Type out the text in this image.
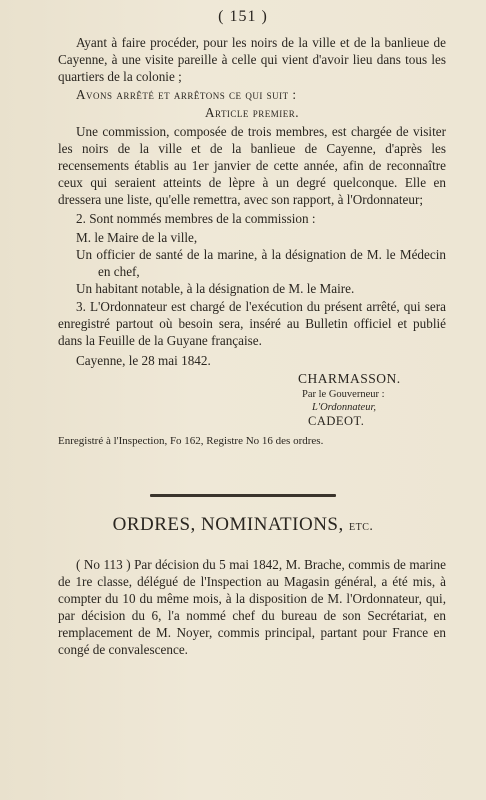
( 151 )

Ayant à faire procéder, pour les noirs de la ville et de la banlieue de Cayenne, à une visite pareille à celle qui vient d'avoir lieu dans tous les quartiers de la colonie ;

Avons arrêté et arrêtons ce qui suit :

Article premier.

Une commission, composée de trois membres, est chargée de visiter les noirs de la ville et de la banlieue de Cayenne, d'après les recensements établis au 1er janvier de cette année, afin de reconnaître ceux qui seraient atteints de lèpre à un degré quelconque. Elle en dressera une liste, qu'elle remettra, avec son rapport, à l'Ordonnateur;

2. Sont nommés membres de la commission :

M. le Maire de la ville,

Un officier de santé de la marine, à la désignation de M. le Médecin en chef,

Un habitant notable, à la désignation de M. le Maire.

3. L'Ordonnateur est chargé de l'exécution du présent arrêté, qui sera enregistré partout où besoin sera, inséré au Bulletin officiel et publié dans la Feuille de la Guyane française.

Cayenne, le 28 mai 1842.

CHARMASSON.
Par le Gouverneur :
L'Ordonnateur,
CADEOT.

Enregistré à l'Inspection, Fo 162, Registre No 16 des ordres.

ORDRES, NOMINATIONS, etc.

( No 113 ) Par décision du 5 mai 1842, M. Brache, commis de marine de 1re classe, délégué de l'Inspection au Magasin général, a été mis, à compter du 10 du même mois, à la disposition de M. l'Ordonnateur, qui, par décision du 6, l'a nommé chef du bureau de son Secrétariat, en remplacement de M. Noyer, commis principal, partant pour France en congé de convalescence.
